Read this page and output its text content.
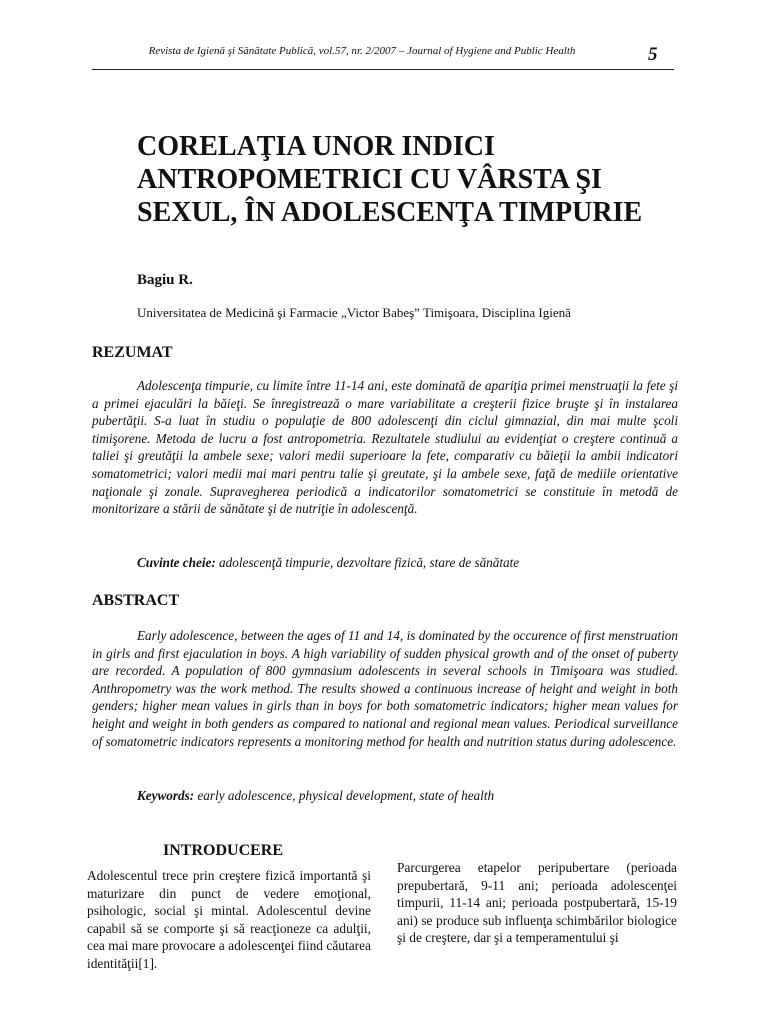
Revista de Igienă şi Sănătate Publică, vol.57, nr. 2/2007 – Journal of Hygiene and Public Health	5
CORELAŢIA UNOR INDICI
ANTROPOMETRICI CU VÂRSTA ŞI
SEXUL, ÎN ADOLESCENŢA TIMPURIE
Bagiu R.
Universitatea de Medicină şi Farmacie „Victor Babeş” Timişoara, Disciplina Igienă
REZUMAT
Adolescenţa timpurie, cu limite între 11-14 ani, este dominată de apariţia primei menstruaţii la fete şi a primei ejaculări la băieţi. Se înregistrează o mare variabilitate a creşterii fizice bruşte şi în instalarea pubertăţii. S-a luat în studiu o populaţie de 800 adolescenţi din ciclul gimnazial, din mai multe şcoli timişorene. Metoda de lucru a fost antropometria. Rezultatele studiului au evidenţiat o creştere continuă a taliei şi greutăţii la ambele sexe; valori medii superioare la fete, comparativ cu băieţii la ambii indicatori somatometrici; valori medii mai mari pentru talie şi greutate, şi la ambele sexe, faţă de mediile orientative naţionale şi zonale. Supravegherea periodică a indicatorilor somatometrici se constituie în metodă de monitorizare a stării de sănătate şi de nutriţie în adolescenţă.
Cuvinte cheie: adolescenţă timpurie, dezvoltare fizică, stare de sănătate
ABSTRACT
Early adolescence, between the ages of 11 and 14, is dominated by the occurence of first menstruation in girls and first ejaculation in boys. A high variability of sudden physical growth and of the onset of puberty are recorded. A population of 800 gymnasium adolescents in several schools in Timişoara was studied. Anthropometry was the work method. The results showed a continuous increase of height and weight in both genders; higher mean values in girls than in boys for both somatometric indicators; higher mean values for height and weight in both genders as compared to national and regional mean values. Periodical surveillance of somatometric indicators represents a monitoring method for health and nutrition status during adolescence.
Keywords: early adolescence, physical development, state of health
INTRODUCERE
Adolescentul trece prin creştere fizică importantă şi maturizare din punct de vedere emoţional, psihologic, social şi mintal. Adolescentul devine capabil să se comporte şi să reacţioneze ca adulţii, cea mai mare provocare a adolescenţei fiind căutarea identităţii[1].
Parcurgerea etapelor peripubertare (perioada prepubertară, 9-11 ani; perioada adolescenţei timpurii, 11-14 ani; perioada postpubertară, 15-19 ani) se produce sub influenţa schimbărilor biologice şi de creştere, dar şi a temperamentului şi
